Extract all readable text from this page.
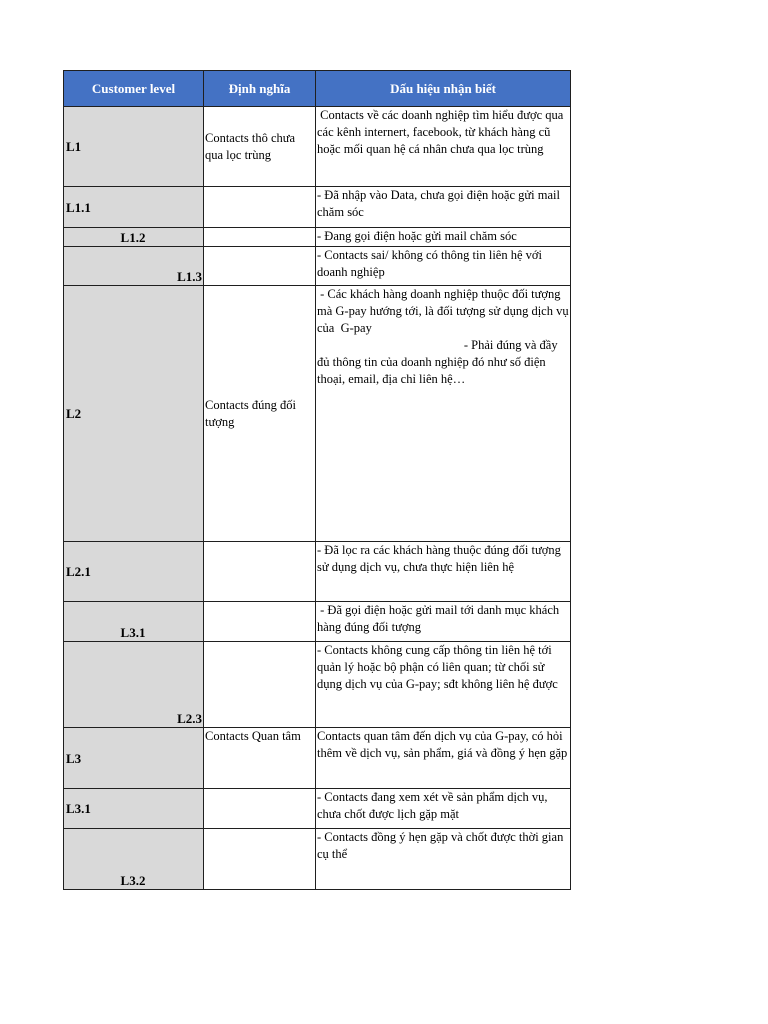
Customer level	Định nghĩa	Dấu hiệu nhận biết
L1	Contacts thô chưa qua lọc trùng	Contacts về các doanh nghiệp tìm hiểu được qua các kênh internert, facebook, từ khách hàng cũ hoặc mối quan hệ cá nhân chưa qua lọc trùng
L1.1		- Đã nhập vào Data, chưa gọi điện hoặc gửi mail chăm sóc
L1.2		- Đang gọi điện hoặc gửi mail chăm sóc
L1.3		- Contacts sai/ không có thông tin liên hệ với doanh nghiệp
L2	Contacts đúng đối tượng	- Các khách hàng doanh nghiệp thuộc đối tượng mà G-pay hướng tới, là đối tượng sử dụng dịch vụ của  G-pay
- Phải đúng và đầy đủ thông tin của doanh nghiệp đó như số điện thoại, email, địa chỉ liên hệ…
L2.1		- Đã lọc ra các khách hàng thuộc đúng đối tượng sử dụng dịch vụ, chưa thực hiện liên hệ
L3.1		- Đã gọi điện hoặc gửi mail tới danh mục khách hàng đúng đối tượng
L2.3		- Contacts không cung cấp thông tin liên hệ tới quản lý hoặc bộ phận có liên quan; từ chối sử dụng dịch vụ của G-pay; sđt không liên hệ được
L3	Contacts Quan tâm	Contacts quan tâm đến dịch vụ của G-pay, có hỏi thêm về dịch vụ, sản phẩm, giá và đồng ý hẹn gặp
L3.1		- Contacts đang xem xét về sản phẩm dịch vụ, chưa chốt được lịch gặp mặt
L3.2		- Contacts đồng ý hẹn gặp và chốt được thời gian cụ thể
